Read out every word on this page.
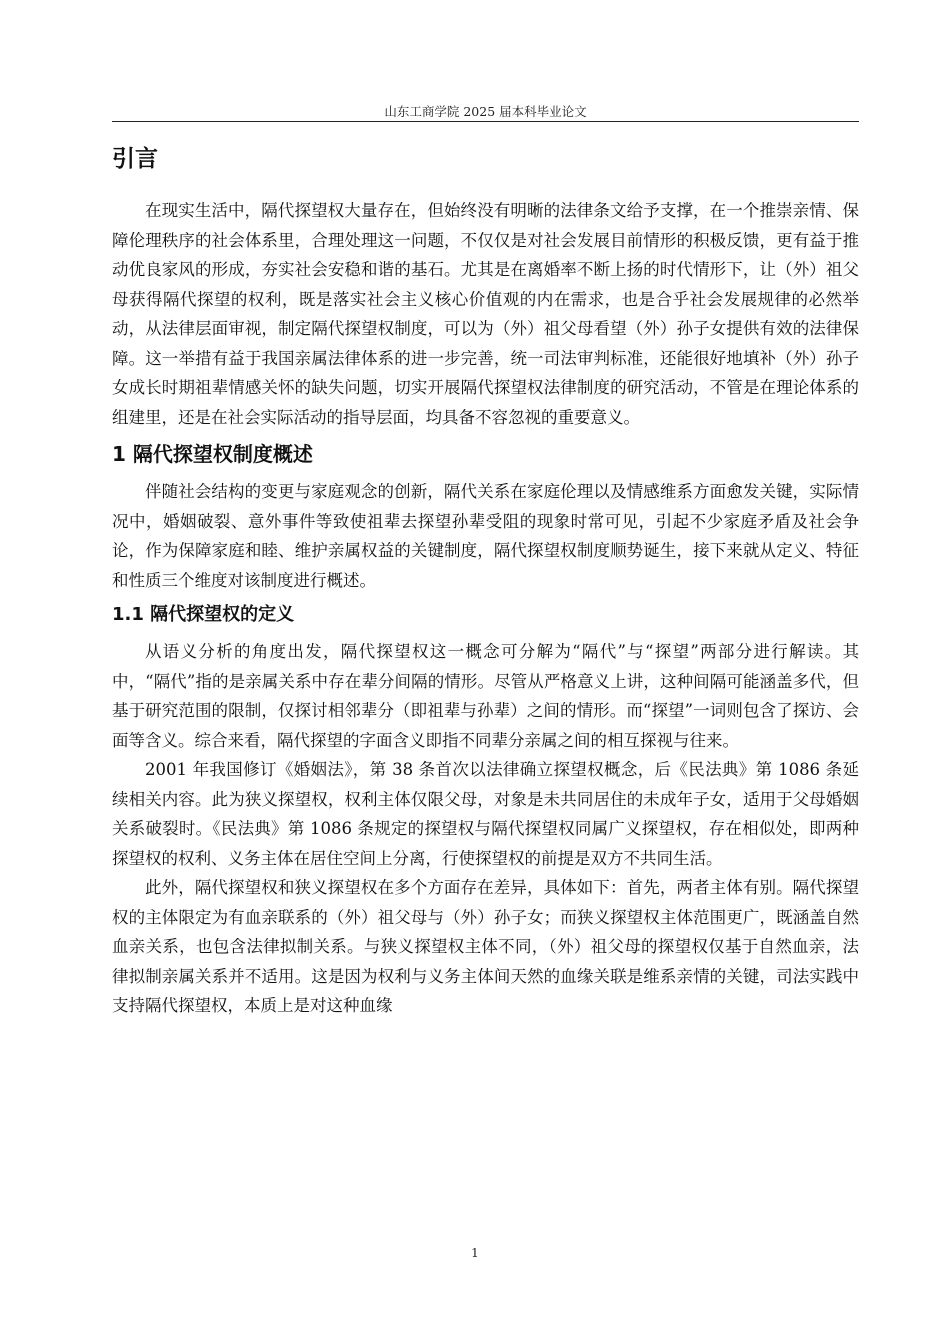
山东工商学院 2025 届本科毕业论文
引言

在现实生活中，隔代探望权大量存在，但始终没有明晰的法律条文给予支撑，在一个推崇亲情、保障伦理秩序的社会体系里，合理处理这一问题，不仅仅是对社会发展目前情形的积极反馈，更有益于推动优良家风的形成，夯实社会安稳和谐的基石。尤其是在离婚率不断上扬的时代情形下，让（外）祖父母获得隔代探望的权利，既是落实社会主义核心价值观的内在需求，也是合乎社会发展规律的必然举动，从法律层面审视，制定隔代探望权制度，可以为（外）祖父母看望（外）孙子女提供有效的法律保障。这一举措有益于我国亲属法律体系的进一步完善，统一司法审判标准，还能很好地填补（外）孙子女成长时期祖辈情感关怀的缺失问题，切实开展隔代探望权法律制度的研究活动，不管是在理论体系的组建里，还是在社会实际活动的指导层面，均具备不容忽视的重要意义。

1 隔代探望权制度概述

伴随社会结构的变更与家庭观念的创新，隔代关系在家庭伦理以及情感维系方面愈发关键，实际情况中，婚姻破裂、意外事件等致使祖辈去探望孙辈受阻的现象时常可见，引起不少家庭矛盾及社会争论，作为保障家庭和睦、维护亲属权益的关键制度，隔代探望权制度顺势诞生，接下来就从定义、特征和性质三个维度对该制度进行概述。

1.1 隔代探望权的定义

从语义分析的角度出发，隔代探望权这一概念可分解为“隔代”与“探望”两部分进行解读。其中，“隔代”指的是亲属关系中存在辈分间隔的情形。尽管从严格意义上讲，这种间隔可能涵盖多代，但基于研究范围的限制，仅探讨相邻辈分（即祖辈与孙辈）之间的情形。而“探望”一词则包含了探访、会面等含义。综合来看，隔代探望的字面含义即指不同辈分亲属之间的相互探视与往来。

2001 年我国修订《婚姻法》，第 38 条首次以法律确立探望权概念，后《民法典》第 1086 条延续相关内容。此为狭义探望权，权利主体仅限父母，对象是未共同居住的未成年子女，适用于父母婚姻关系破裂时。《民法典》第 1086 条规定的探望权与隔代探望权同属广义探望权，存在相似处，即两种探望权的权利、义务主体在居住空间上分离，行使探望权的前提是双方不共同生活。

此外，隔代探望权和狭义探望权在多个方面存在差异，具体如下：首先，两者主体有别。隔代探望权的主体限定为有血亲联系的（外）祖父母与（外）孙子女；而狭义探望权主体范围更广，既涵盖自然血亲关系，也包含法律拟制关系。与狭义探望权主体不同，（外）祖父母的探望权仅基于自然血亲，法律拟制亲属关系并不适用。这是因为权利与义务主体间天然的血缘关联是维系亲情的关键，司法实践中支持隔代探望权，本质上是对这种血缘

1
